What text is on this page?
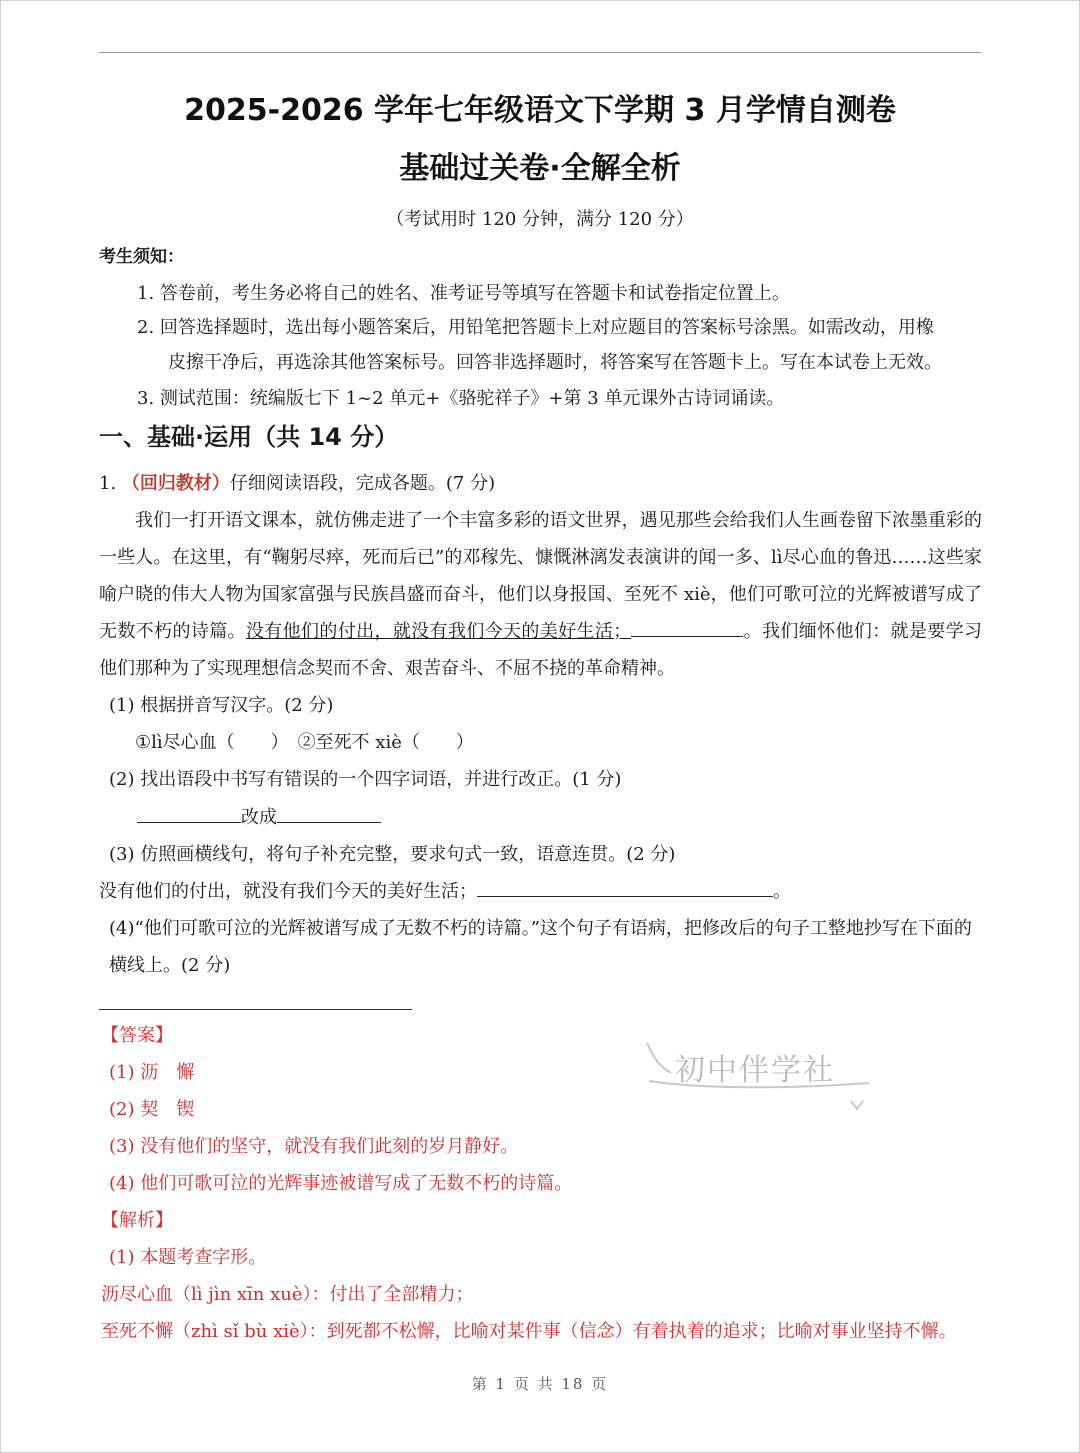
2025-2026 学年七年级语文下学期 3 月学情自测卷
基础过关卷·全解全析
（考试用时 120 分钟，满分 120 分）
考生须知：
1. 答卷前，考生务必将自己的姓名、准考证号等填写在答题卡和试卷指定位置上。
2. 回答选择题时，选出每小题答案后，用铅笔把答题卡上对应题目的答案标号涂黑。如需改动，用橡
皮擦干净后，再选涂其他答案标号。回答非选择题时，将答案写在答题卡上。写在本试卷上无效。
3. 测试范围：统编版七下 1~2 单元+《骆驼祥子》+第 3 单元课外古诗词诵读。
一、基础·运用（共 14 分）
1. （回归教材）仔细阅读语段，完成各题。(7 分)

我们一打开语文课本，就仿佛走进了一个丰富多彩的语文世界，遇见那些会给我们人生画卷留下浓墨重彩的一些人。在这里，有“鞠躬尽瘁，死而后已”的邓稼先、慷慨淋漓发表演讲的闻一多、lì尽心血的鲁迅……这些家喻户晓的伟大人物为国家富强与民族昌盛而奋斗，他们以身报国、至死不 xiè，他们可歌可泣的光辉被谱写成了无数不朽的诗篇。没有他们的付出，就没有我们今天的美好生活；	。我们缅怀他们：就是要学习他们那种为了实现理想信念契而不舍、艰苦奋斗、不屈不挠的革命精神。

(1) 根据拼音写汉字。(2 分)
①lì尽心血（　　）　②至死不 xiè（　　）
(2) 找出语段中书写有错误的一个四字词语，并进行改正。(1 分)
改成
(3) 仿照画横线句，将句子补充完整，要求句式一致，语意连贯。(2 分)
没有他们的付出，就没有我们今天的美好生活；	。
(4)“他们可歌可泣的光辉被谱写成了无数不朽的诗篇。”这个句子有语病，把修改后的句子工整地抄写在下面的横线上。(2 分)
【答案】
(1) 沥　懈
(2) 契　锲
(3) 没有他们的坚守，就没有我们此刻的岁月静好。
(4) 他们可歌可泣的光辉事迹被谱写成了无数不朽的诗篇。
【解析】
(1) 本题考查字形。
沥尽心血（lì jìn xīn xuè）：付出了全部精力；
至死不懈（zhì sǐ bù xiè）：到死都不松懈，比喻对某件事（信念）有着执着的追求；比喻对事业坚持不懈。
初中伴学社
第 1 页 共 18 页
